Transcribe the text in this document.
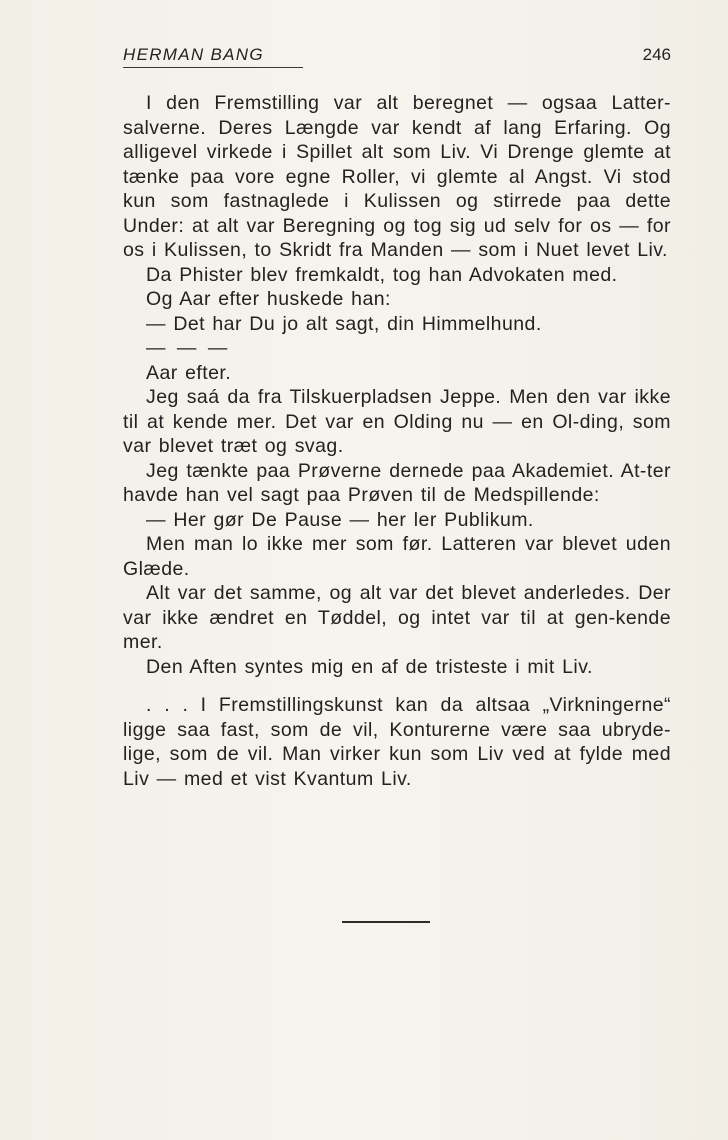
HERMAN BANG	246

I den Fremstilling var alt beregnet — ogsaa Latter-salverne. Deres Længde var kendt af lang Erfaring. Og alligevel virkede i Spillet alt som Liv. Vi Drenge glemte at tænke paa vore egne Roller, vi glemte al Angst. Vi stod kun som fastnaglede i Kulissen og stirrede paa dette Under: at alt var Beregning og tog sig ud selv for os — for os i Kulissen, to Skridt fra Manden — som i Nuet levet Liv.

Da Phister blev fremkaldt, tog han Advokaten med.

Og Aar efter huskede han:

— Det har Du jo alt sagt, din Himmelhund.

— — —

Aar efter.

Jeg saá da fra Tilskuerpladsen Jeppe. Men den var ikke til at kende mer. Det var en Olding nu — en Ol-ding, som var blevet træt og svag.

Jeg tænkte paa Prøverne dernede paa Akademiet. At-ter havde han vel sagt paa Prøven til de Medspillende:

— Her gør De Pause — her ler Publikum.

Men man lo ikke mer som før. Latteren var blevet uden Glæde.

Alt var det samme, og alt var det blevet anderledes. Der var ikke ændret en Tøddel, og intet var til at gen-kende mer.

Den Aften syntes mig en af de tristeste i mit Liv.

. . . I Fremstillingskunst kan da altsaa „Virkningerne“ ligge saa fast, som de vil, Konturerne være saa ubryde-lige, som de vil. Man virker kun som Liv ved at fylde med Liv — med et vist Kvantum Liv.
